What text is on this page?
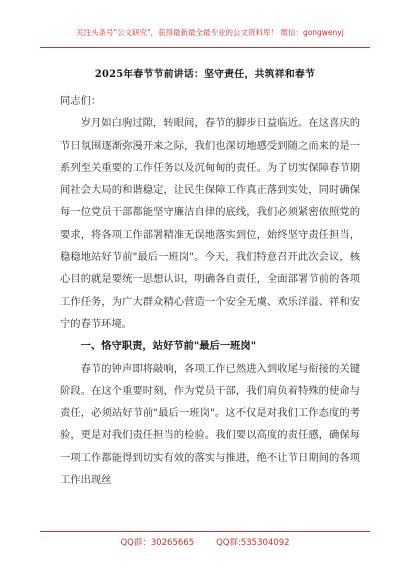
关注头条号"公文研究"，获得最新最全最专业的公文资料库！ 微信：gongwenyj
2025年春节节前讲话：坚守责任，共筑祥和春节

同志们：

岁月如白驹过隙，转眼间，春节的脚步日益临近。在这喜庆的节日氛围逐渐弥漫开来之际，我们也深切地感受到随之而来的是一系列至关重要的工作任务以及沉甸甸的责任。为了切实保障春节期间社会大局的和谐稳定，让民生保障工作真正落到实处，同时确保每一位党员干部都能坚守廉洁自律的底线，我们必须紧密依照党的要求，将各项工作部署精准无误地落实到位，始终坚守责任担当，稳稳地站好节前"最后一班岗"。今天，我们特意召开此次会议，核心目的就是要统一思想认识，明确各自责任，全面部署节前的各项工作任务，为广大群众精心营造一个安全无虞、欢乐洋溢、祥和安宁的春节环境。

一、恪守职责，站好节前"最后一班岗"

春节的钟声即将敲响，各项工作已然进入到收尾与衔接的关键阶段。在这个重要时刻，作为党员干部，我们肩负着特殊的使命与责任，必须站好节前"最后一班岗"。这不仅是对我们工作态度的考验，更是对我们责任担当的检验。我们要以高度的责任感，确保每一项工作都能得到切实有效的落实与推进，绝不让节日期间的各项工作出现丝

QQ群：30265665	QQ群:535304092
